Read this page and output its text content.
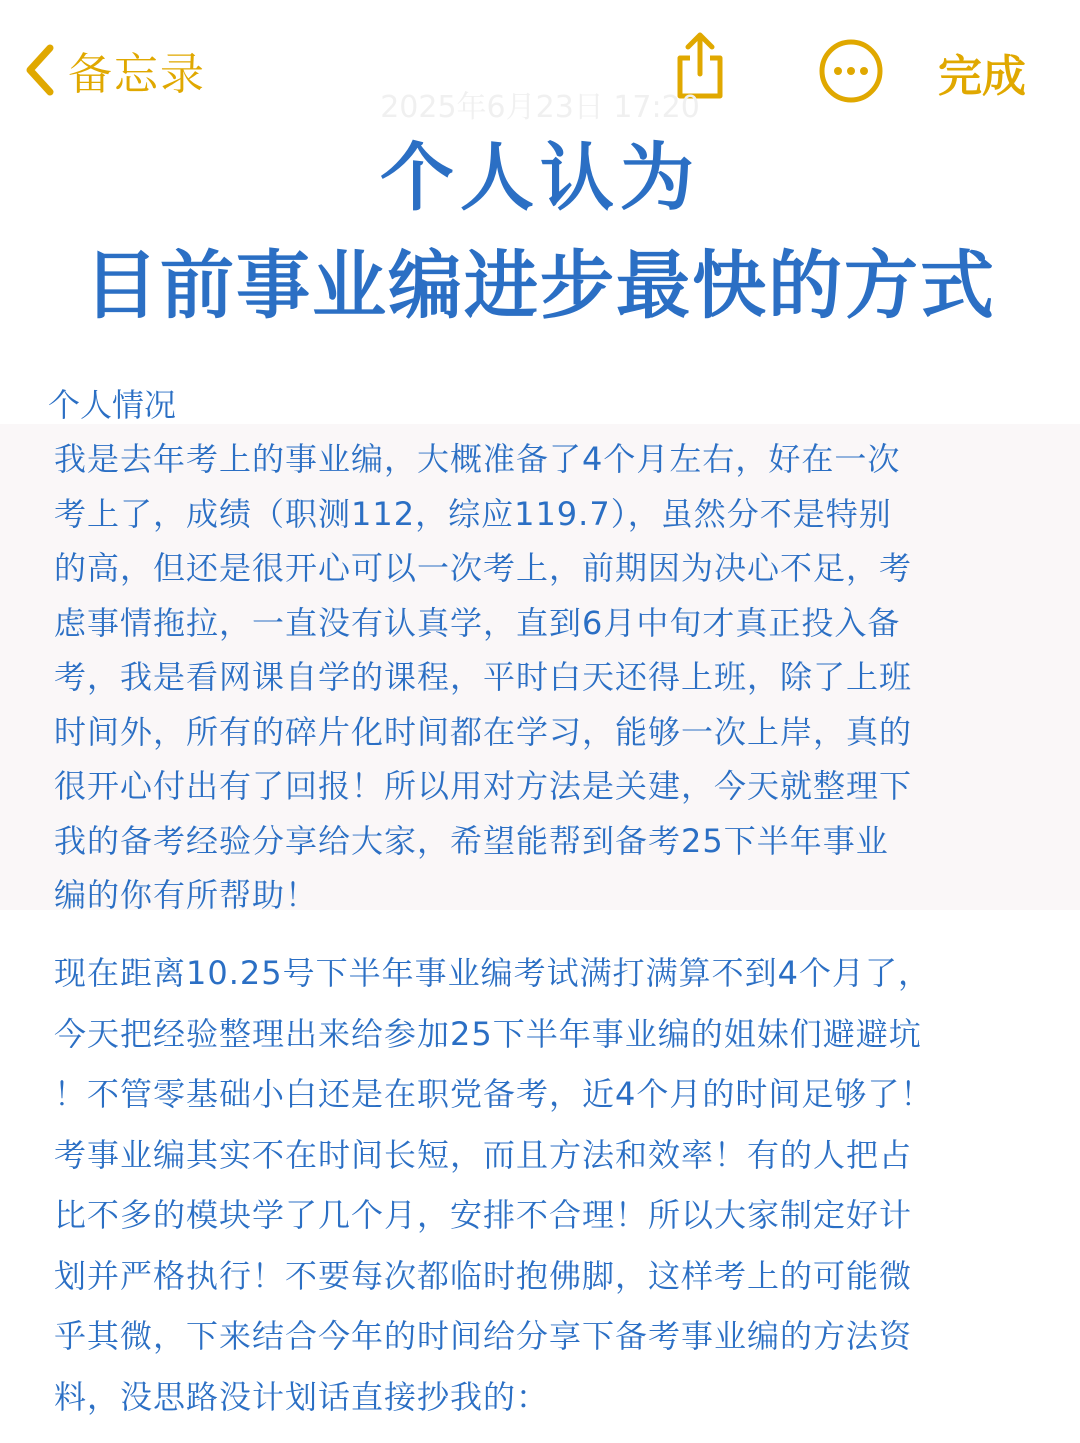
备忘录	完成
2025年6月23日 17:20
个人认为
目前事业编进步最快的方式
个人情况
我是去年考上的事业编，大概准备了4个月左右，好在一次
考上了，成绩（职测112，综应119.7），虽然分不是特别
的高，但还是很开心可以一次考上，前期因为决心不足，考
虑事情拖拉，一直没有认真学，直到6月中旬才真正投入备
考，我是看网课自学的课程，平时白天还得上班，除了上班
时间外，所有的碎片化时间都在学习，能够一次上岸，真的
很开心付出有了回报！所以用对方法是关建，今天就整理下
我的备考经验分享给大家，希望能帮到备考25下半年事业
编的你有所帮助！
现在距离10.25号下半年事业编考试满打满算不到4个月了，
今天把经验整理出来给参加25下半年事业编的姐妹们避避坑
！不管零基础小白还是在职党备考，近4个月的时间足够了！
考事业编其实不在时间长短，而且方法和效率！有的人把占
比不多的模块学了几个月，安排不合理！所以大家制定好计
划并严格执行！不要每次都临时抱佛脚，这样考上的可能微
乎其微，下来结合今年的时间给分享下备考事业编的方法资
料，没思路没计划话直接抄我的：
